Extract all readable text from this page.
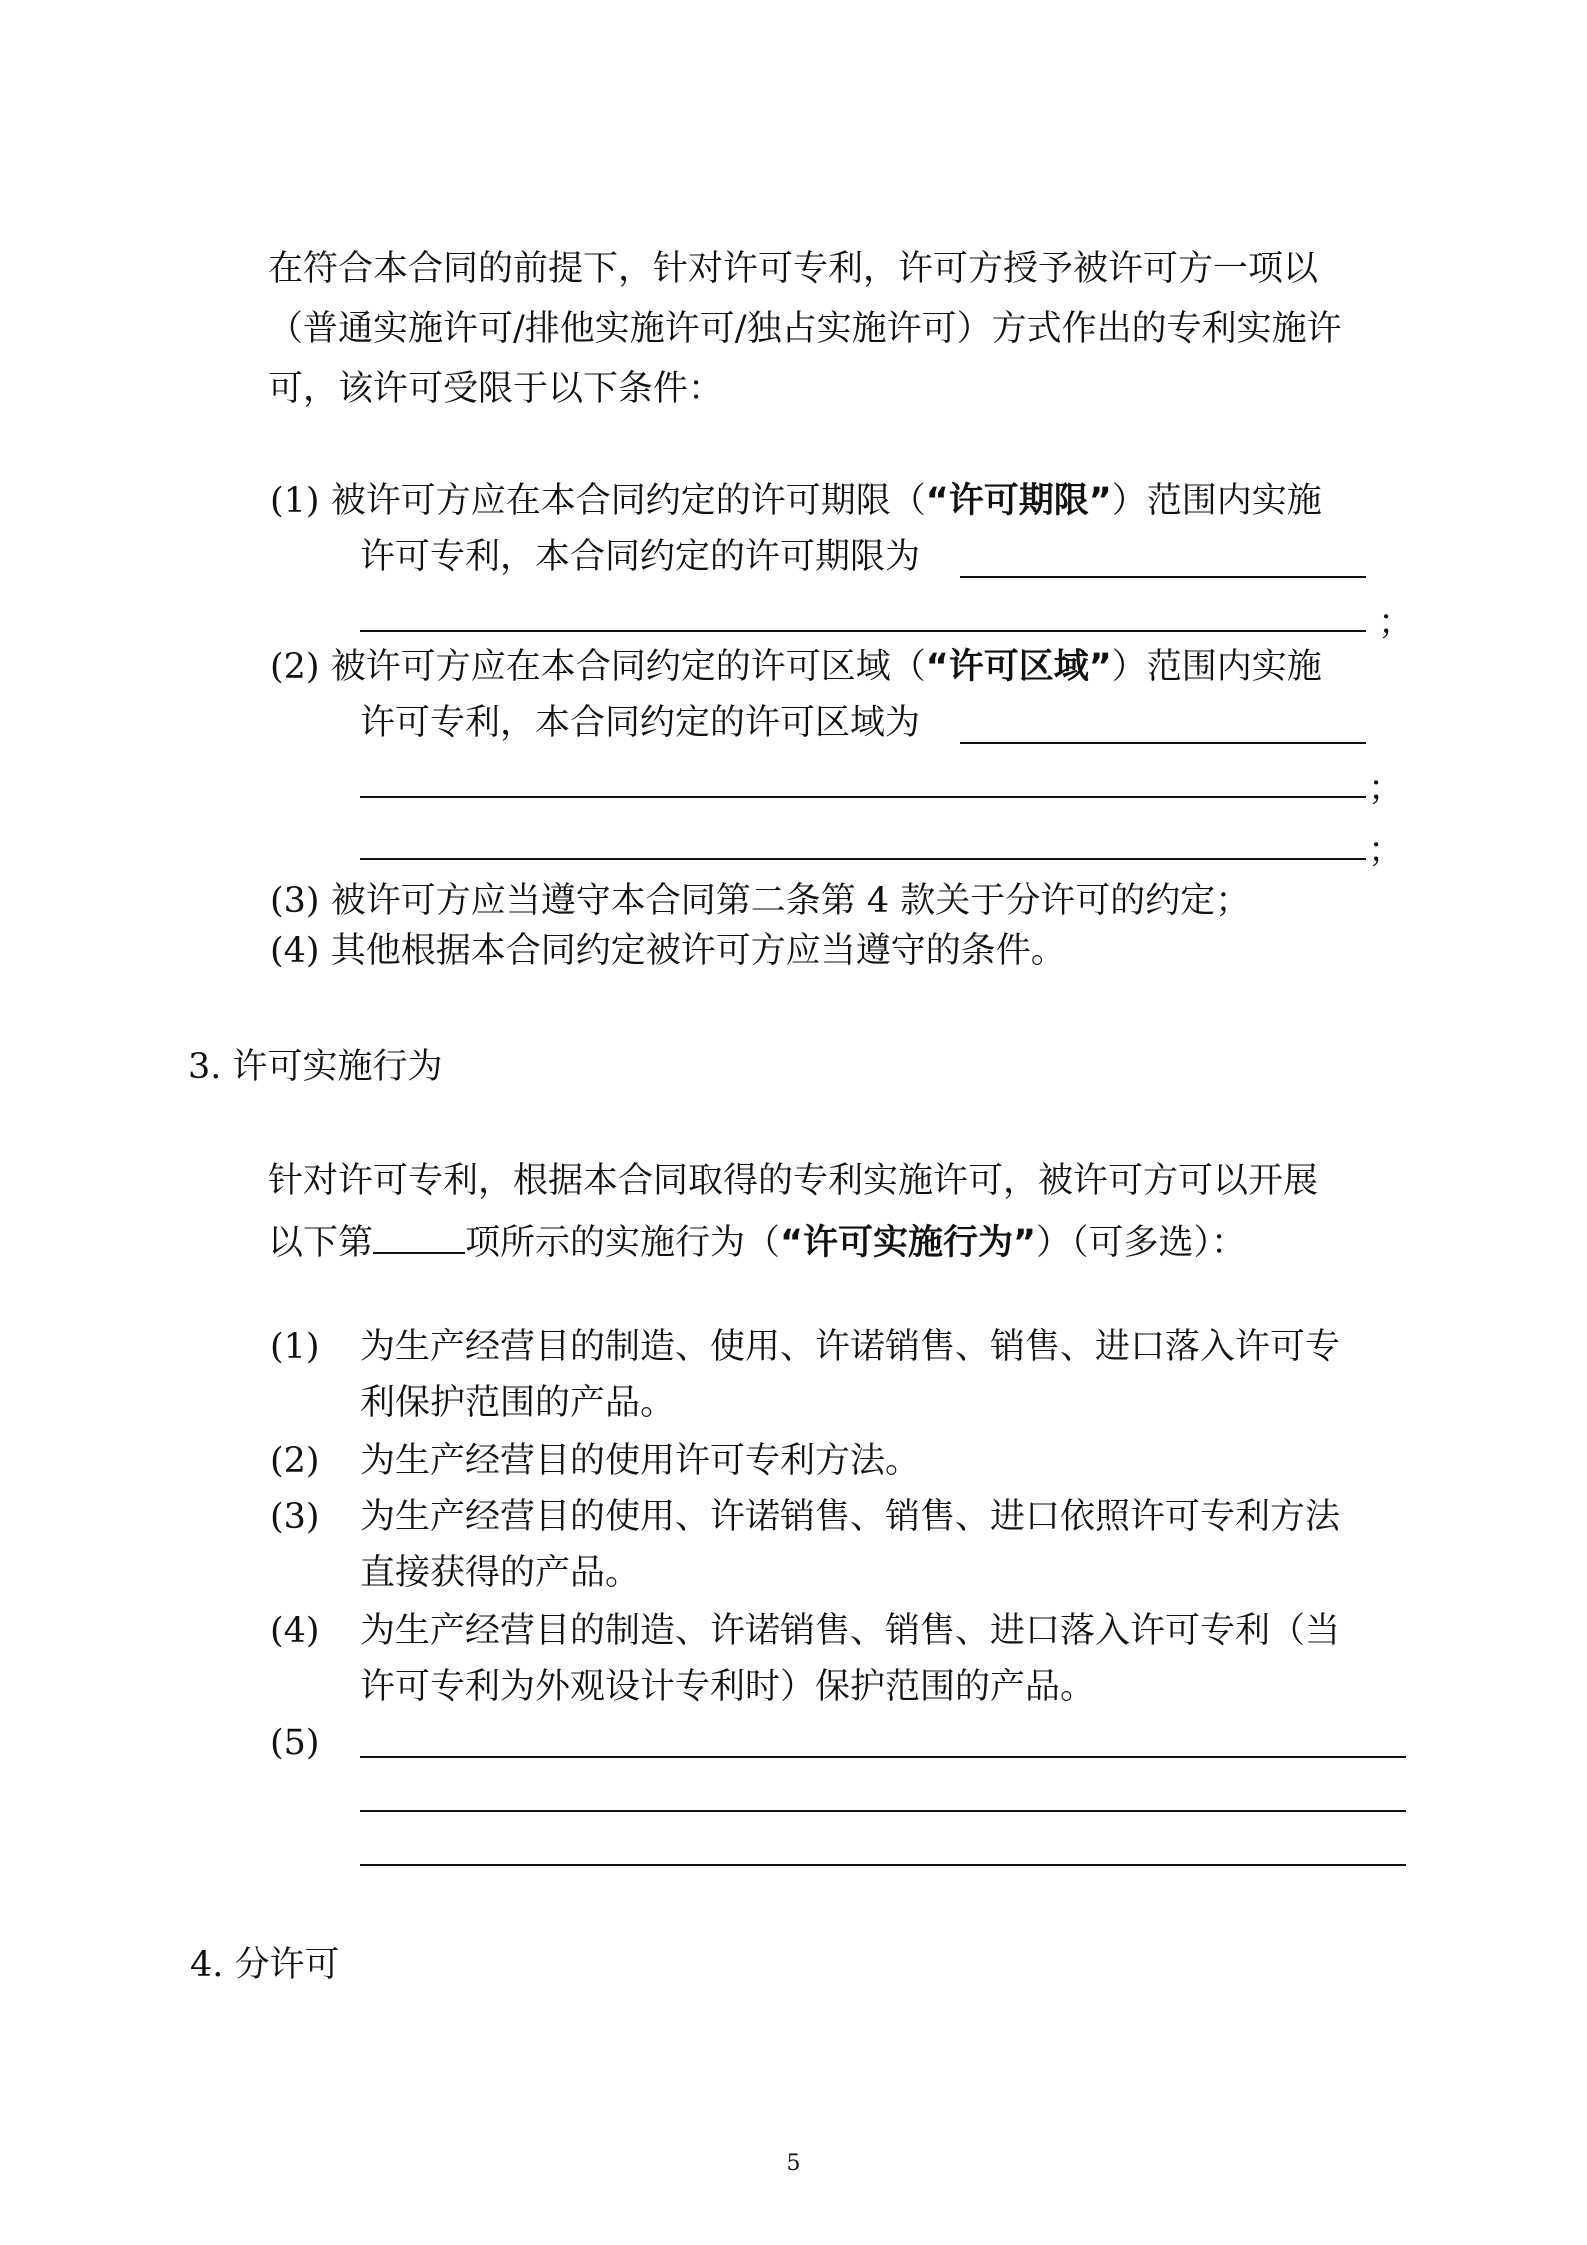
在符合本合同的前提下，针对许可专利，许可方授予被许可方一项以
（普通实施许可/排他实施许可/独占实施许可）方式作出的专利实施许
可，该许可受限于以下条件：
(1) 被许可方应在本合同约定的许可期限（“许可期限”）范围内实施
许可专利，本合同约定的许可期限为
；
(2) 被许可方应在本合同约定的许可区域（“许可区域”）范围内实施
许可专利，本合同约定的许可区域为
；
；
(3) 被许可方应当遵守本合同第二条第 4 款关于分许可的约定；
(4) 其他根据本合同约定被许可方应当遵守的条件。
3. 许可实施行为
针对许可专利，根据本合同取得的专利实施许可，被许可方可以开展
以下第	项所示的实施行为（“许可实施行为”）（可多选）：
(1) 为生产经营目的制造、使用、许诺销售、销售、进口落入许可专
利保护范围的产品。
(2) 为生产经营目的使用许可专利方法。
(3) 为生产经营目的使用、许诺销售、销售、进口依照许可专利方法
直接获得的产品。
(4) 为生产经营目的制造、许诺销售、销售、进口落入许可专利（当
许可专利为外观设计专利时）保护范围的产品。
(5)
4. 分许可
5
